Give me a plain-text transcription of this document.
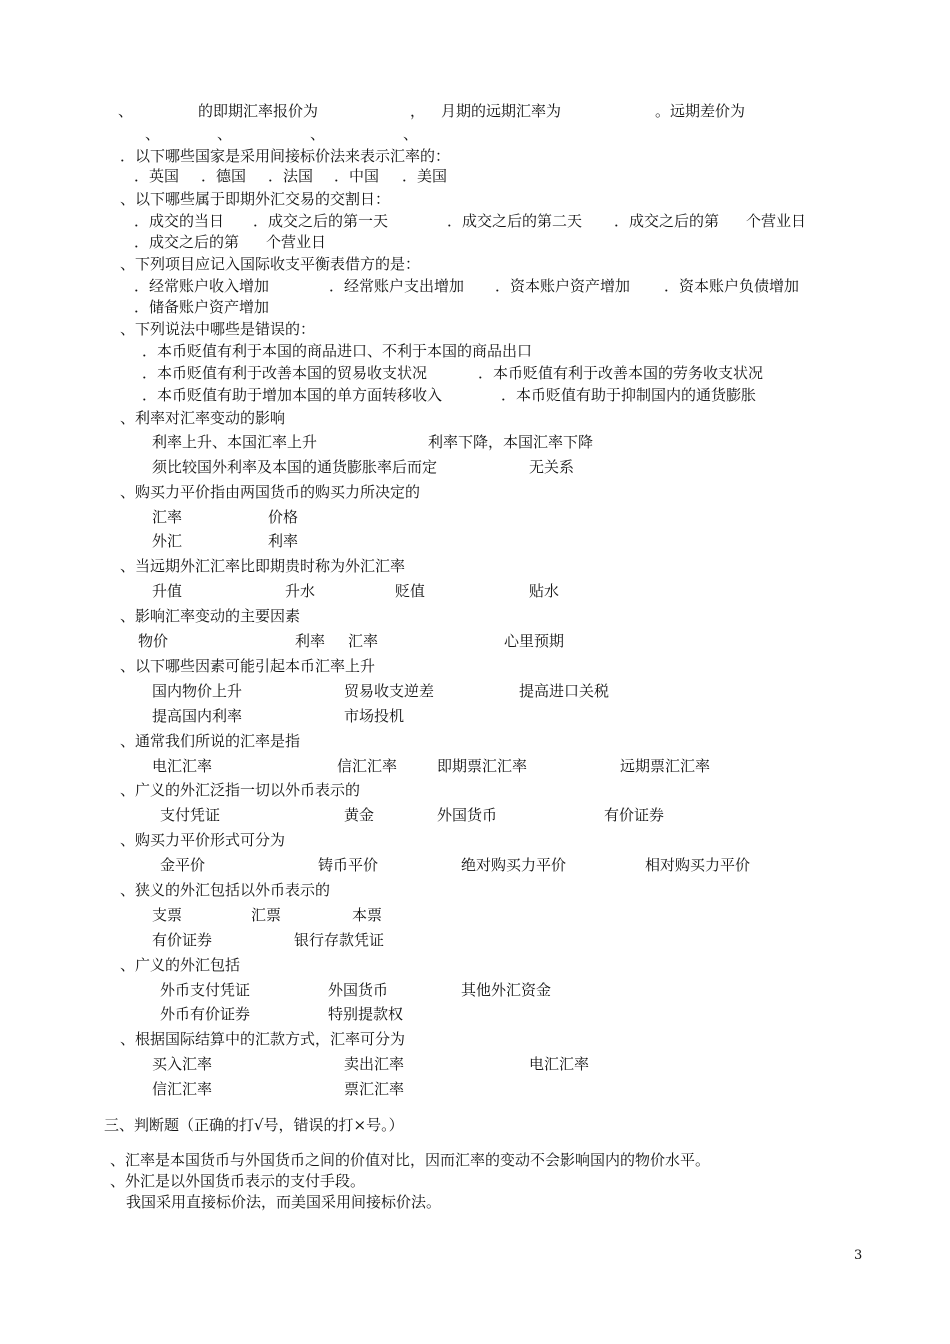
、	的即期汇率报价为	， 月期的远期汇率为	。远期差价为
、	、	、	、
．以下哪些国家是采用间接标价法来表示汇率的：
．英国 ．德国 ．法国 ．中国 ．美国
、以下哪些属于即期外汇交易的交割日：
．成交的当日 ．成交之后的第一天	．成交之后的第二天 ．成交之后的第 个营业日
．成交之后的第 个营业日
、下列项目应记入国际收支平衡表借方的是：
．经常账户收入增加	．经常账户支出增加 ．资本账户资产增加 ．资本账户负债增加
．储备账户资产增加
、下列说法中哪些是错误的：
．本币贬值有利于本国的商品进口、不利于本国的商品出口
．本币贬值有利于改善本国的贸易收支状况	．本币贬值有利于改善本国的劳务收支状况
．本币贬值有助于增加本国的单方面转移收入	．本币贬值有助于抑制国内的通货膨胀
、利率对汇率变动的影响
利率上升、本国汇率上升	利率下降，本国汇率下降
须比较国外利率及本国的通货膨胀率后而定	无关系
、购买力平价指由两国货币的购买力所决定的
汇率	价格
外汇	利率
、当远期外汇汇率比即期贵时称为外汇汇率
升值	升水	贬值	贴水
、影响汇率变动的主要因素
物价	利率 汇率	心里预期
、以下哪些因素可能引起本币汇率上升
国内物价上升	贸易收支逆差	提高进口关税
提高国内利率	市场投机
、通常我们所说的汇率是指
电汇汇率	信汇汇率	即期票汇汇率	远期票汇汇率
、广义的外汇泛指一切以外币表示的
支付凭证	黄金	外国货币	有价证券
、购买力平价形式可分为
金平价	铸币平价	绝对购买力平价	相对购买力平价
、狭义的外汇包括以外币表示的
支票	汇票	本票
有价证券	银行存款凭证
、广义的外汇包括
外币支付凭证	外国货币	其他外汇资金
外币有价证券	特别提款权
、根据国际结算中的汇款方式，汇率可分为
买入汇率	卖出汇率	电汇汇率
信汇汇率	票汇汇率
三、判断题（正确的打√号，错误的打×号。）
、汇率是本国货币与外国货币之间的价值对比，因而汇率的变动不会影响国内的物价水平。
、外汇是以外国货币表示的支付手段。
我国采用直接标价法，而美国采用间接标价法。
3
